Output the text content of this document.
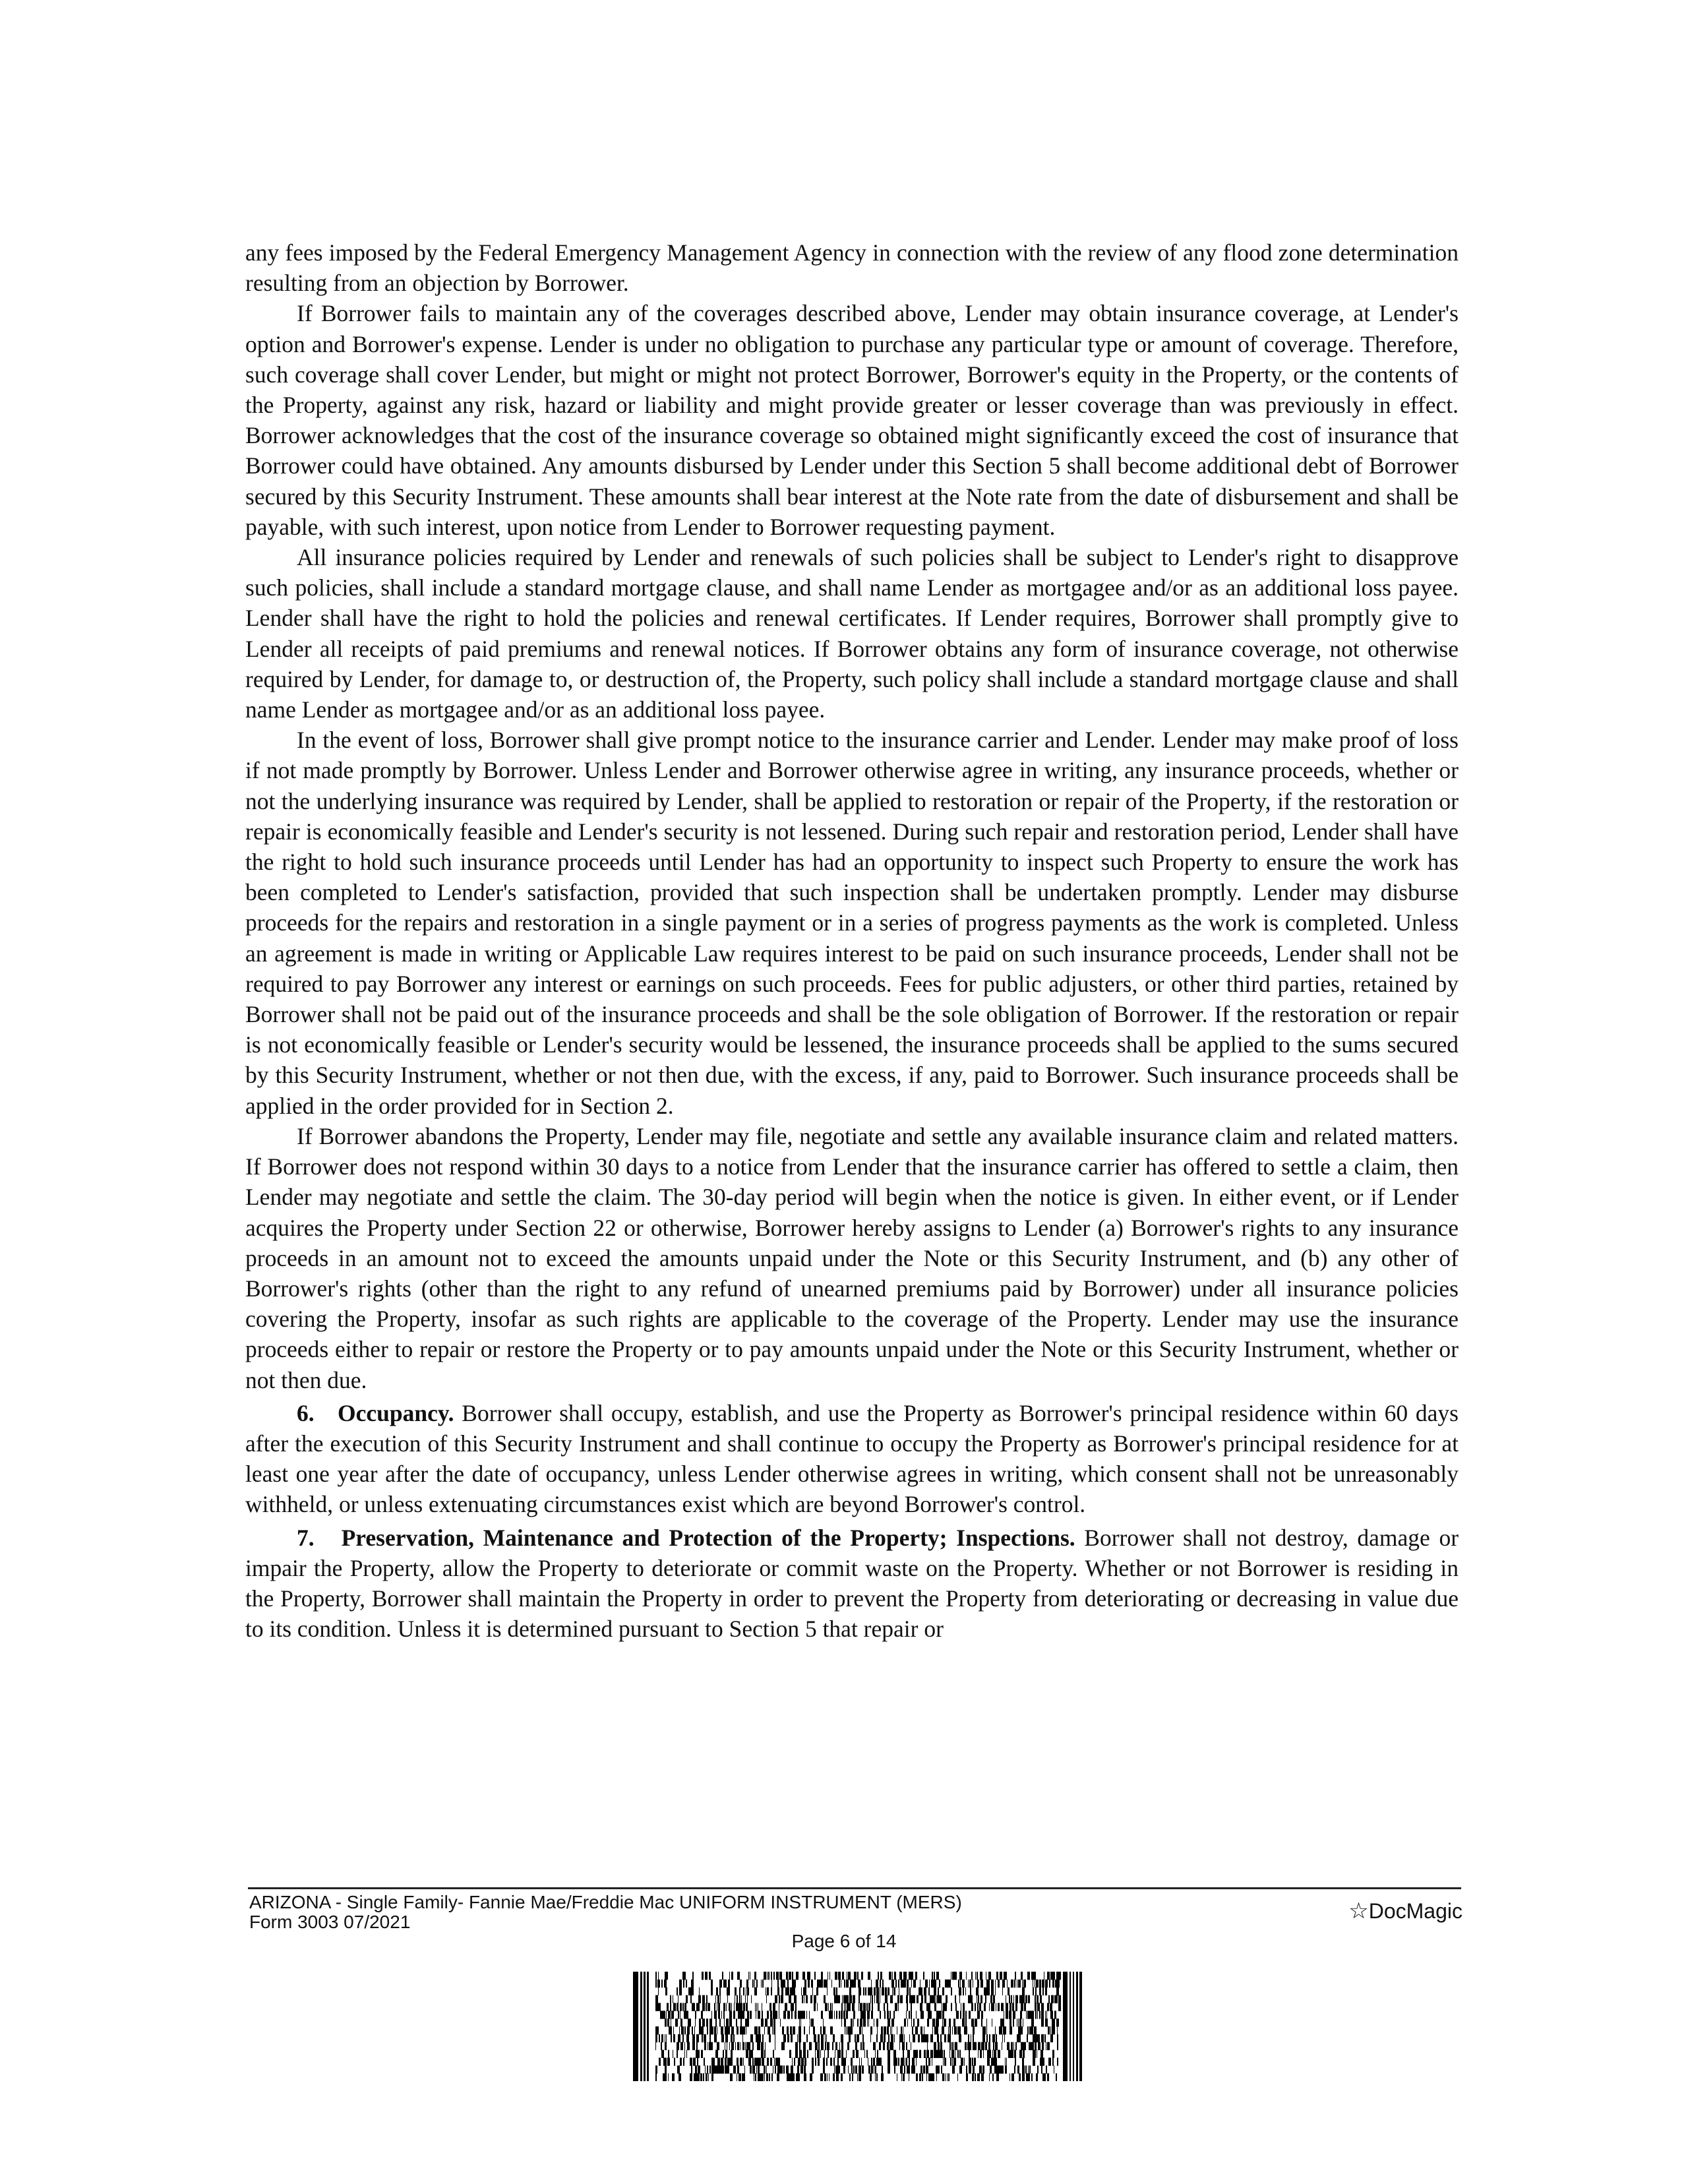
any fees imposed by the Federal Emergency Management Agency in connection with the review of any flood zone determination resulting from an objection by Borrower.

If Borrower fails to maintain any of the coverages described above, Lender may obtain insurance coverage, at Lender's option and Borrower's expense. Lender is under no obligation to purchase any particular type or amount of coverage. Therefore, such coverage shall cover Lender, but might or might not protect Borrower, Borrower's equity in the Property, or the contents of the Property, against any risk, hazard or liability and might provide greater or lesser coverage than was previously in effect. Borrower acknowledges that the cost of the insurance coverage so obtained might significantly exceed the cost of insurance that Borrower could have obtained. Any amounts disbursed by Lender under this Section 5 shall become additional debt of Borrower secured by this Security Instrument. These amounts shall bear interest at the Note rate from the date of disbursement and shall be payable, with such interest, upon notice from Lender to Borrower requesting payment.

All insurance policies required by Lender and renewals of such policies shall be subject to Lender's right to disapprove such policies, shall include a standard mortgage clause, and shall name Lender as mortgagee and/or as an additional loss payee. Lender shall have the right to hold the policies and renewal certificates. If Lender requires, Borrower shall promptly give to Lender all receipts of paid premiums and renewal notices. If Borrower obtains any form of insurance coverage, not otherwise required by Lender, for damage to, or destruction of, the Property, such policy shall include a standard mortgage clause and shall name Lender as mortgagee and/or as an additional loss payee.

In the event of loss, Borrower shall give prompt notice to the insurance carrier and Lender. Lender may make proof of loss if not made promptly by Borrower. Unless Lender and Borrower otherwise agree in writing, any insurance proceeds, whether or not the underlying insurance was required by Lender, shall be applied to restoration or repair of the Property, if the restoration or repair is economically feasible and Lender's security is not lessened. During such repair and restoration period, Lender shall have the right to hold such insurance proceeds until Lender has had an opportunity to inspect such Property to ensure the work has been completed to Lender's satisfaction, provided that such inspection shall be undertaken promptly. Lender may disburse proceeds for the repairs and restoration in a single payment or in a series of progress payments as the work is completed. Unless an agreement is made in writing or Applicable Law requires interest to be paid on such insurance proceeds, Lender shall not be required to pay Borrower any interest or earnings on such proceeds. Fees for public adjusters, or other third parties, retained by Borrower shall not be paid out of the insurance proceeds and shall be the sole obligation of Borrower. If the restoration or repair is not economically feasible or Lender's security would be lessened, the insurance proceeds shall be applied to the sums secured by this Security Instrument, whether or not then due, with the excess, if any, paid to Borrower. Such insurance proceeds shall be applied in the order provided for in Section 2.

If Borrower abandons the Property, Lender may file, negotiate and settle any available insurance claim and related matters. If Borrower does not respond within 30 days to a notice from Lender that the insurance carrier has offered to settle a claim, then Lender may negotiate and settle the claim. The 30-day period will begin when the notice is given. In either event, or if Lender acquires the Property under Section 22 or otherwise, Borrower hereby assigns to Lender (a) Borrower's rights to any insurance proceeds in an amount not to exceed the amounts unpaid under the Note or this Security Instrument, and (b) any other of Borrower's rights (other than the right to any refund of unearned premiums paid by Borrower) under all insurance policies covering the Property, insofar as such rights are applicable to the coverage of the Property. Lender may use the insurance proceeds either to repair or restore the Property or to pay amounts unpaid under the Note or this Security Instrument, whether or not then due.

6. Occupancy. Borrower shall occupy, establish, and use the Property as Borrower's principal residence within 60 days after the execution of this Security Instrument and shall continue to occupy the Property as Borrower's principal residence for at least one year after the date of occupancy, unless Lender otherwise agrees in writing, which consent shall not be unreasonably withheld, or unless extenuating circumstances exist which are beyond Borrower's control.

7. Preservation, Maintenance and Protection of the Property; Inspections. Borrower shall not destroy, damage or impair the Property, allow the Property to deteriorate or commit waste on the Property. Whether or not Borrower is residing in the Property, Borrower shall maintain the Property in order to prevent the Property from deteriorating or decreasing in value due to its condition. Unless it is determined pursuant to Section 5 that repair or

ARIZONA - Single Family- Fannie Mae/Freddie Mac UNIFORM INSTRUMENT (MERS)
Form 3003 07/2021	☆DocMagic
Page 6 of 14
